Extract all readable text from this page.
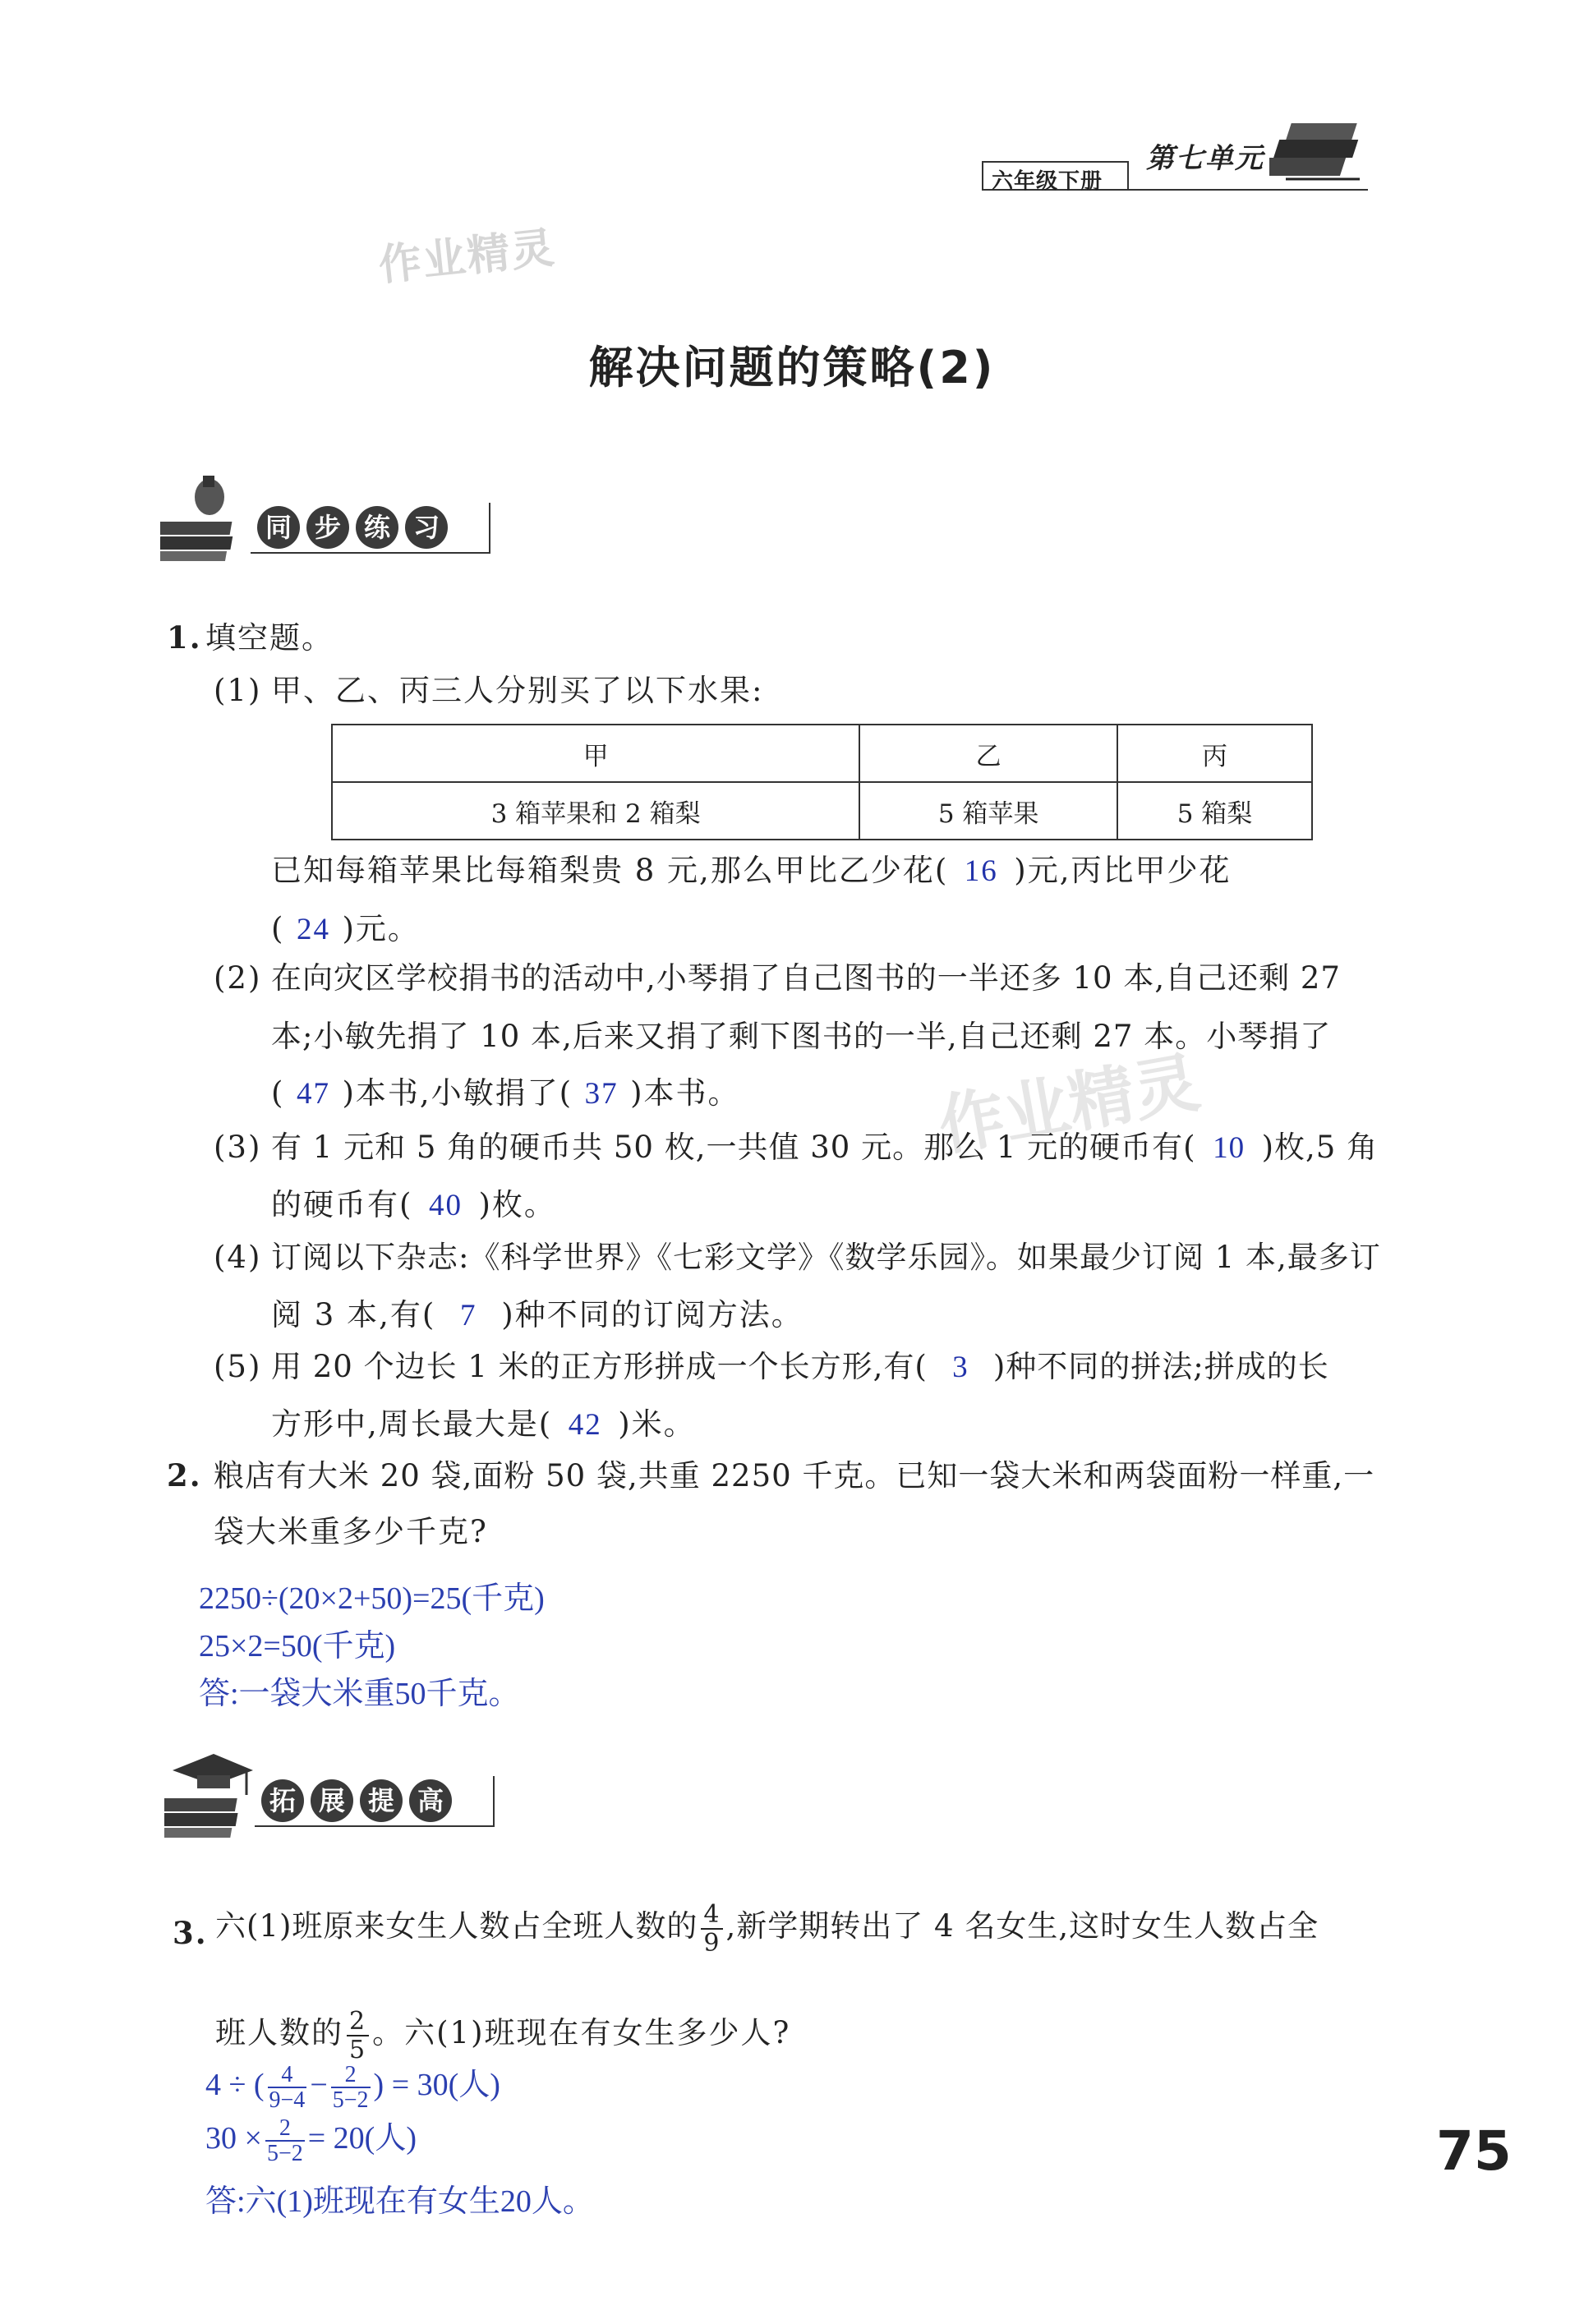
六年级下册
第七单元
作业精灵
作业精灵
解决问题的策略(2)
同 步 练 习
1. 填空题。
(1) 甲、乙、丙三人分别买了以下水果:
甲	乙	丙
3 箱苹果和 2 箱梨	5 箱苹果	5 箱梨
已知每箱苹果比每箱梨贵 8 元,那么甲比乙少花( 16 )元,丙比甲少花
( 24 )元。
(2) 在向灾区学校捐书的活动中,小琴捐了自己图书的一半还多 10 本,自己还剩 27
本;小敏先捐了 10 本,后来又捐了剩下图书的一半,自己还剩 27 本。小琴捐了
( 47 )本书,小敏捐了( 37 )本书。
(3) 有 1 元和 5 角的硬币共 50 枚,一共值 30 元。那么 1 元的硬币有( 10 )枚,5 角
的硬币有( 40 )枚。
(4) 订阅以下杂志:《科学世界》《七彩文学》《数学乐园》。如果最少订阅 1 本,最多订
阅 3 本,有( 7 )种不同的订阅方法。
(5) 用 20 个边长 1 米的正方形拼成一个长方形,有( 3 )种不同的拼法;拼成的长
方形中,周长最大是( 42 )米。
2. 粮店有大米 20 袋,面粉 50 袋,共重 2250 千克。已知一袋大米和两袋面粉一样重,一
袋大米重多少千克?
2250÷(20×2+50)=25(千克)
25×2=50(千克)
答:一袋大米重50千克。
拓 展 提 高
3. 六(1)班原来女生人数占全班人数的 $\frac{4}{9}$ ,新学期转出了 4 名女生,这时女生人数占全
班人数的 $\frac{2}{5}$ 。六(1)班现在有女生多少人?
4 ÷ ( $\frac{4}{9-4} - \frac{2}{5-2}$ ) = 30(人)
$30 \times \frac{2}{5-2} = 20$(人)
答:六(1)班现在有女生20人。
75
